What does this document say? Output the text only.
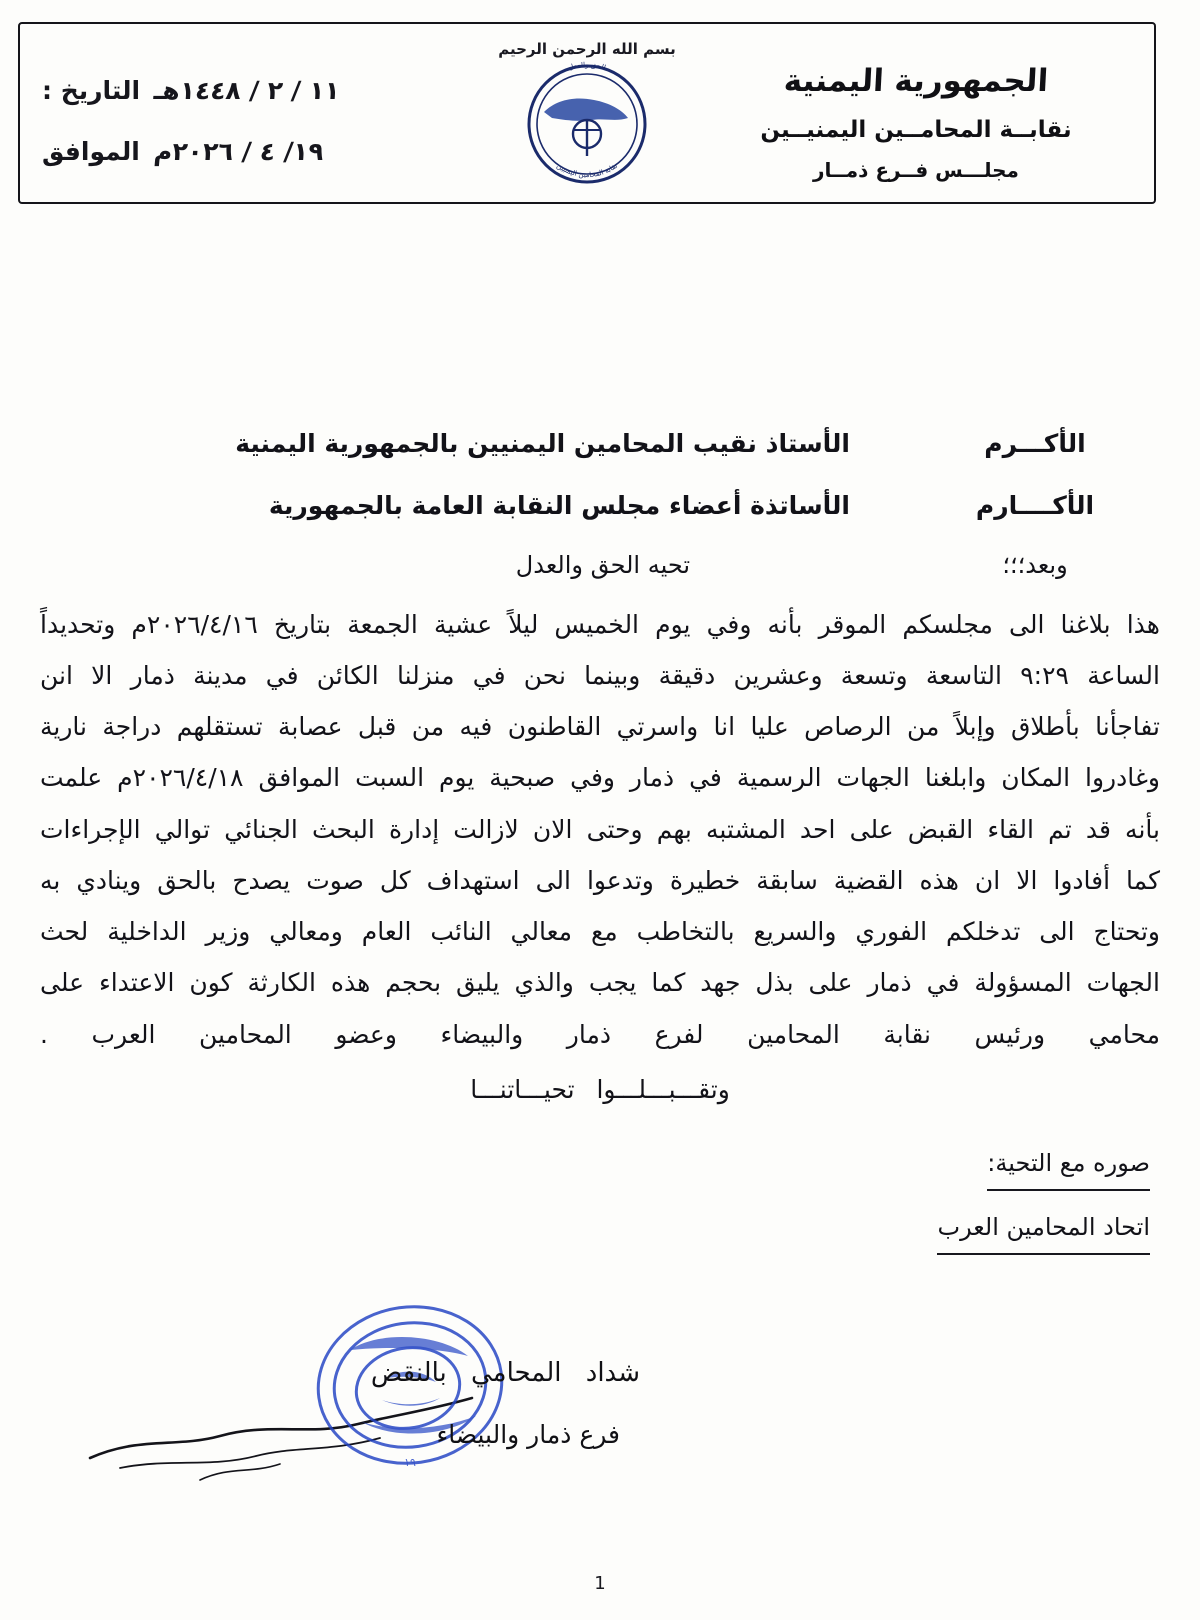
الجمهورية اليمنية
نقابــة المحامــين اليمنيــين
مجلـــس فــرع ذمــار
بسم الله الرحمن الرحيم
الحق والعدل
نقابة المحامين اليمنيين
التاريخ : ١١ / ٢ / ١٤٤٨هـ
الموافق ١٩/ ٤ / ٢٠٢٦م
الأكـــرم
الأستاذ نقيب المحامين اليمنيين بالجمهورية اليمنية
الأكــــارم
الأساتذة أعضاء مجلس النقابة العامة بالجمهورية
وبعد؛؛؛
تحيه الحق والعدل

هذا بلاغنا الى مجلسكم الموقر بأنه وفي يوم الخميس ليلاً عشية الجمعة بتاريخ ٢٠٢٦/٤/١٦م وتحديداً الساعة ٩:٢٩ التاسعة وتسعة وعشرين دقيقة وبينما نحن في منزلنا الكائن في مدينة ذمار الا انن تفاجأنا بأطلاق وإبلاً من الرصاص عليا انا واسرتي القاطنون فيه من قبل عصابة تستقلهم دراجة نارية وغادروا المكان وابلغنا الجهات الرسمية في ذمار وفي صبحية يوم السبت الموافق ٢٠٢٦/٤/١٨م علمت بأنه قد تم القاء القبض على احد المشتبه بهم وحتى الان لازالت إدارة البحث الجنائي توالي الإجراءات كما أفادوا الا ان هذه القضية سابقة خطيرة وتدعوا الى استهداف كل صوت يصدح بالحق وينادي به وتحتاج الى تدخلكم الفوري والسريع بالتخاطب مع معالي النائب العام ومعالي وزير الداخلية لحث الجهات المسؤولة في ذمار على بذل جهد كما يجب والذي يليق بحجم هذه الكارثة كون الاعتداء على محامي ورئيس نقابة المحامين لفرع ذمار والبيضاء وعضو المحامين العرب .

وتقـــبـــلـــوا تحيـــاتنـــا
صوره مع التحية:
اتحاد المحامين العرب
١٩
شداد المحامي بالنقض
فرع ذمار والبيضاء
1
